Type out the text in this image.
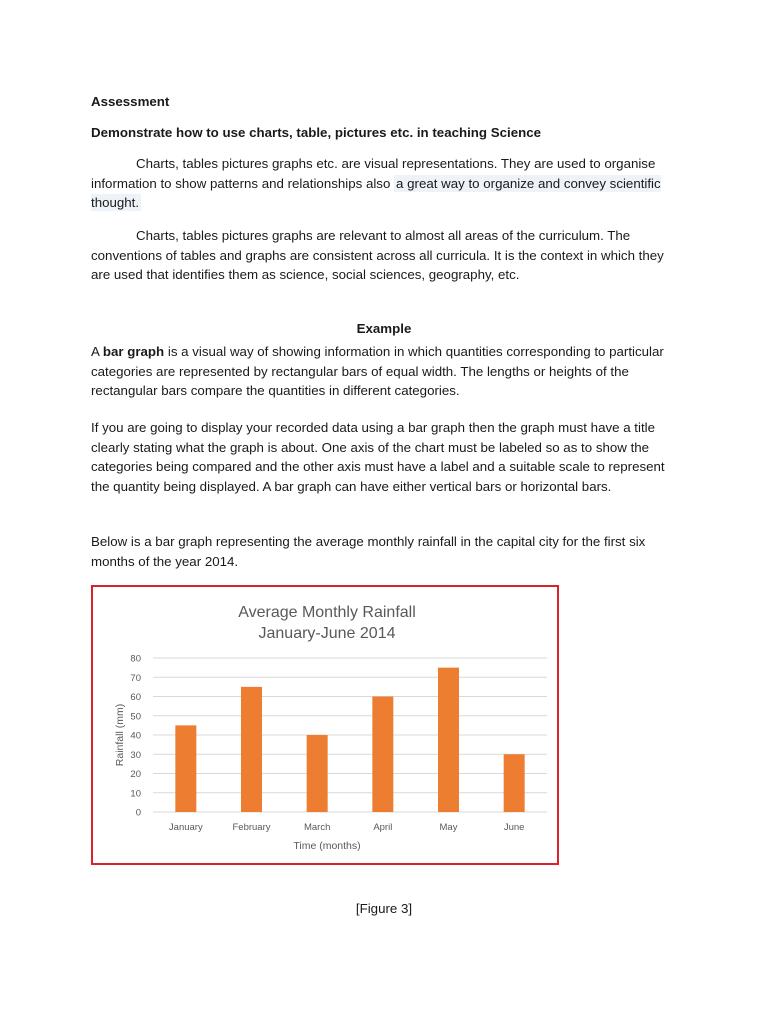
Assessment

Demonstrate how to use charts, table, pictures etc. in teaching Science

Charts, tables pictures graphs etc. are visual representations. They are used to organise information to show patterns and relationships also a great way to organize and convey scientific thought.

Charts, tables pictures graphs are relevant to almost all areas of the curriculum. The conventions of tables and graphs are consistent across all curricula. It is the context in which they are used that identifies them as science, social sciences, geography, etc.

Example

A bar graph is a visual way of showing information in which quantities corresponding to particular categories are represented by rectangular bars of equal width. The lengths or heights of the rectangular bars compare the quantities in different categories.

If you are going to display your recorded data using a bar graph then the graph must have a title clearly stating what the graph is about. One axis of the chart must be labeled so as to show the categories being compared and the other axis must have a label and a suitable scale to represent the quantity being displayed. A bar graph can have either vertical bars or horizontal bars.

Below is a bar graph representing the average monthly rainfall in the capital city for the first six months of the year 2014.

Average Monthly Rainfall
January-June 2014
0
10
20
30
40
50
60
70
80
January	February	March	April	May	June
Time (months)
Rainfall (mm)

[Figure 3]
